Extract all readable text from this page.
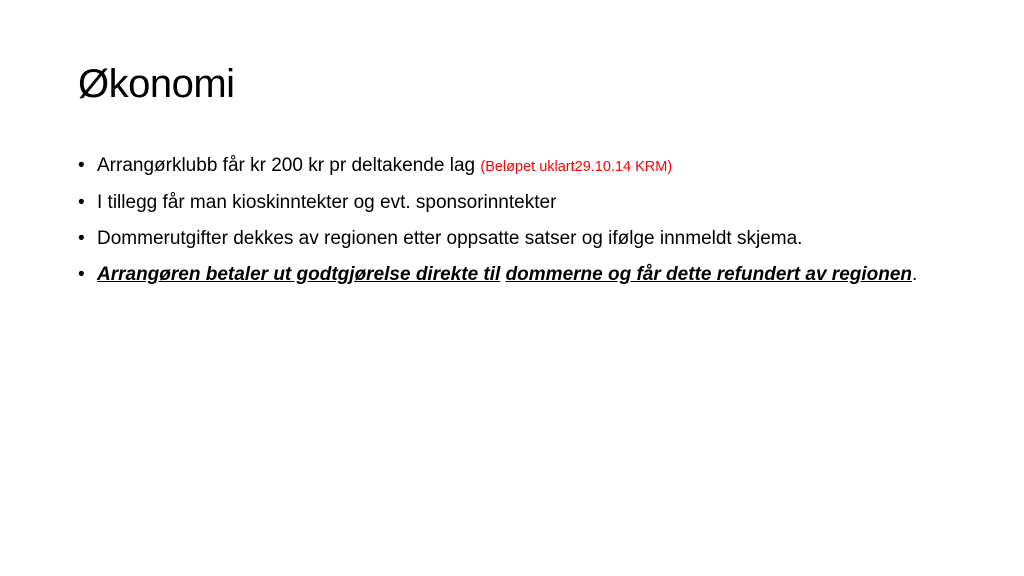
Økonomi
• Arrangørklubb får kr 200 kr pr deltakende lag (Beløpet uklart29.10.14 KRM)
• I tillegg får man kioskinntekter og evt. sponsorinntekter
• Dommerutgifter dekkes av regionen etter oppsatte satser og ifølge innmeldt skjema.
• Arrangøren betaler ut godtgjørelse direkte til dommerne og får dette refundert av regionen.
